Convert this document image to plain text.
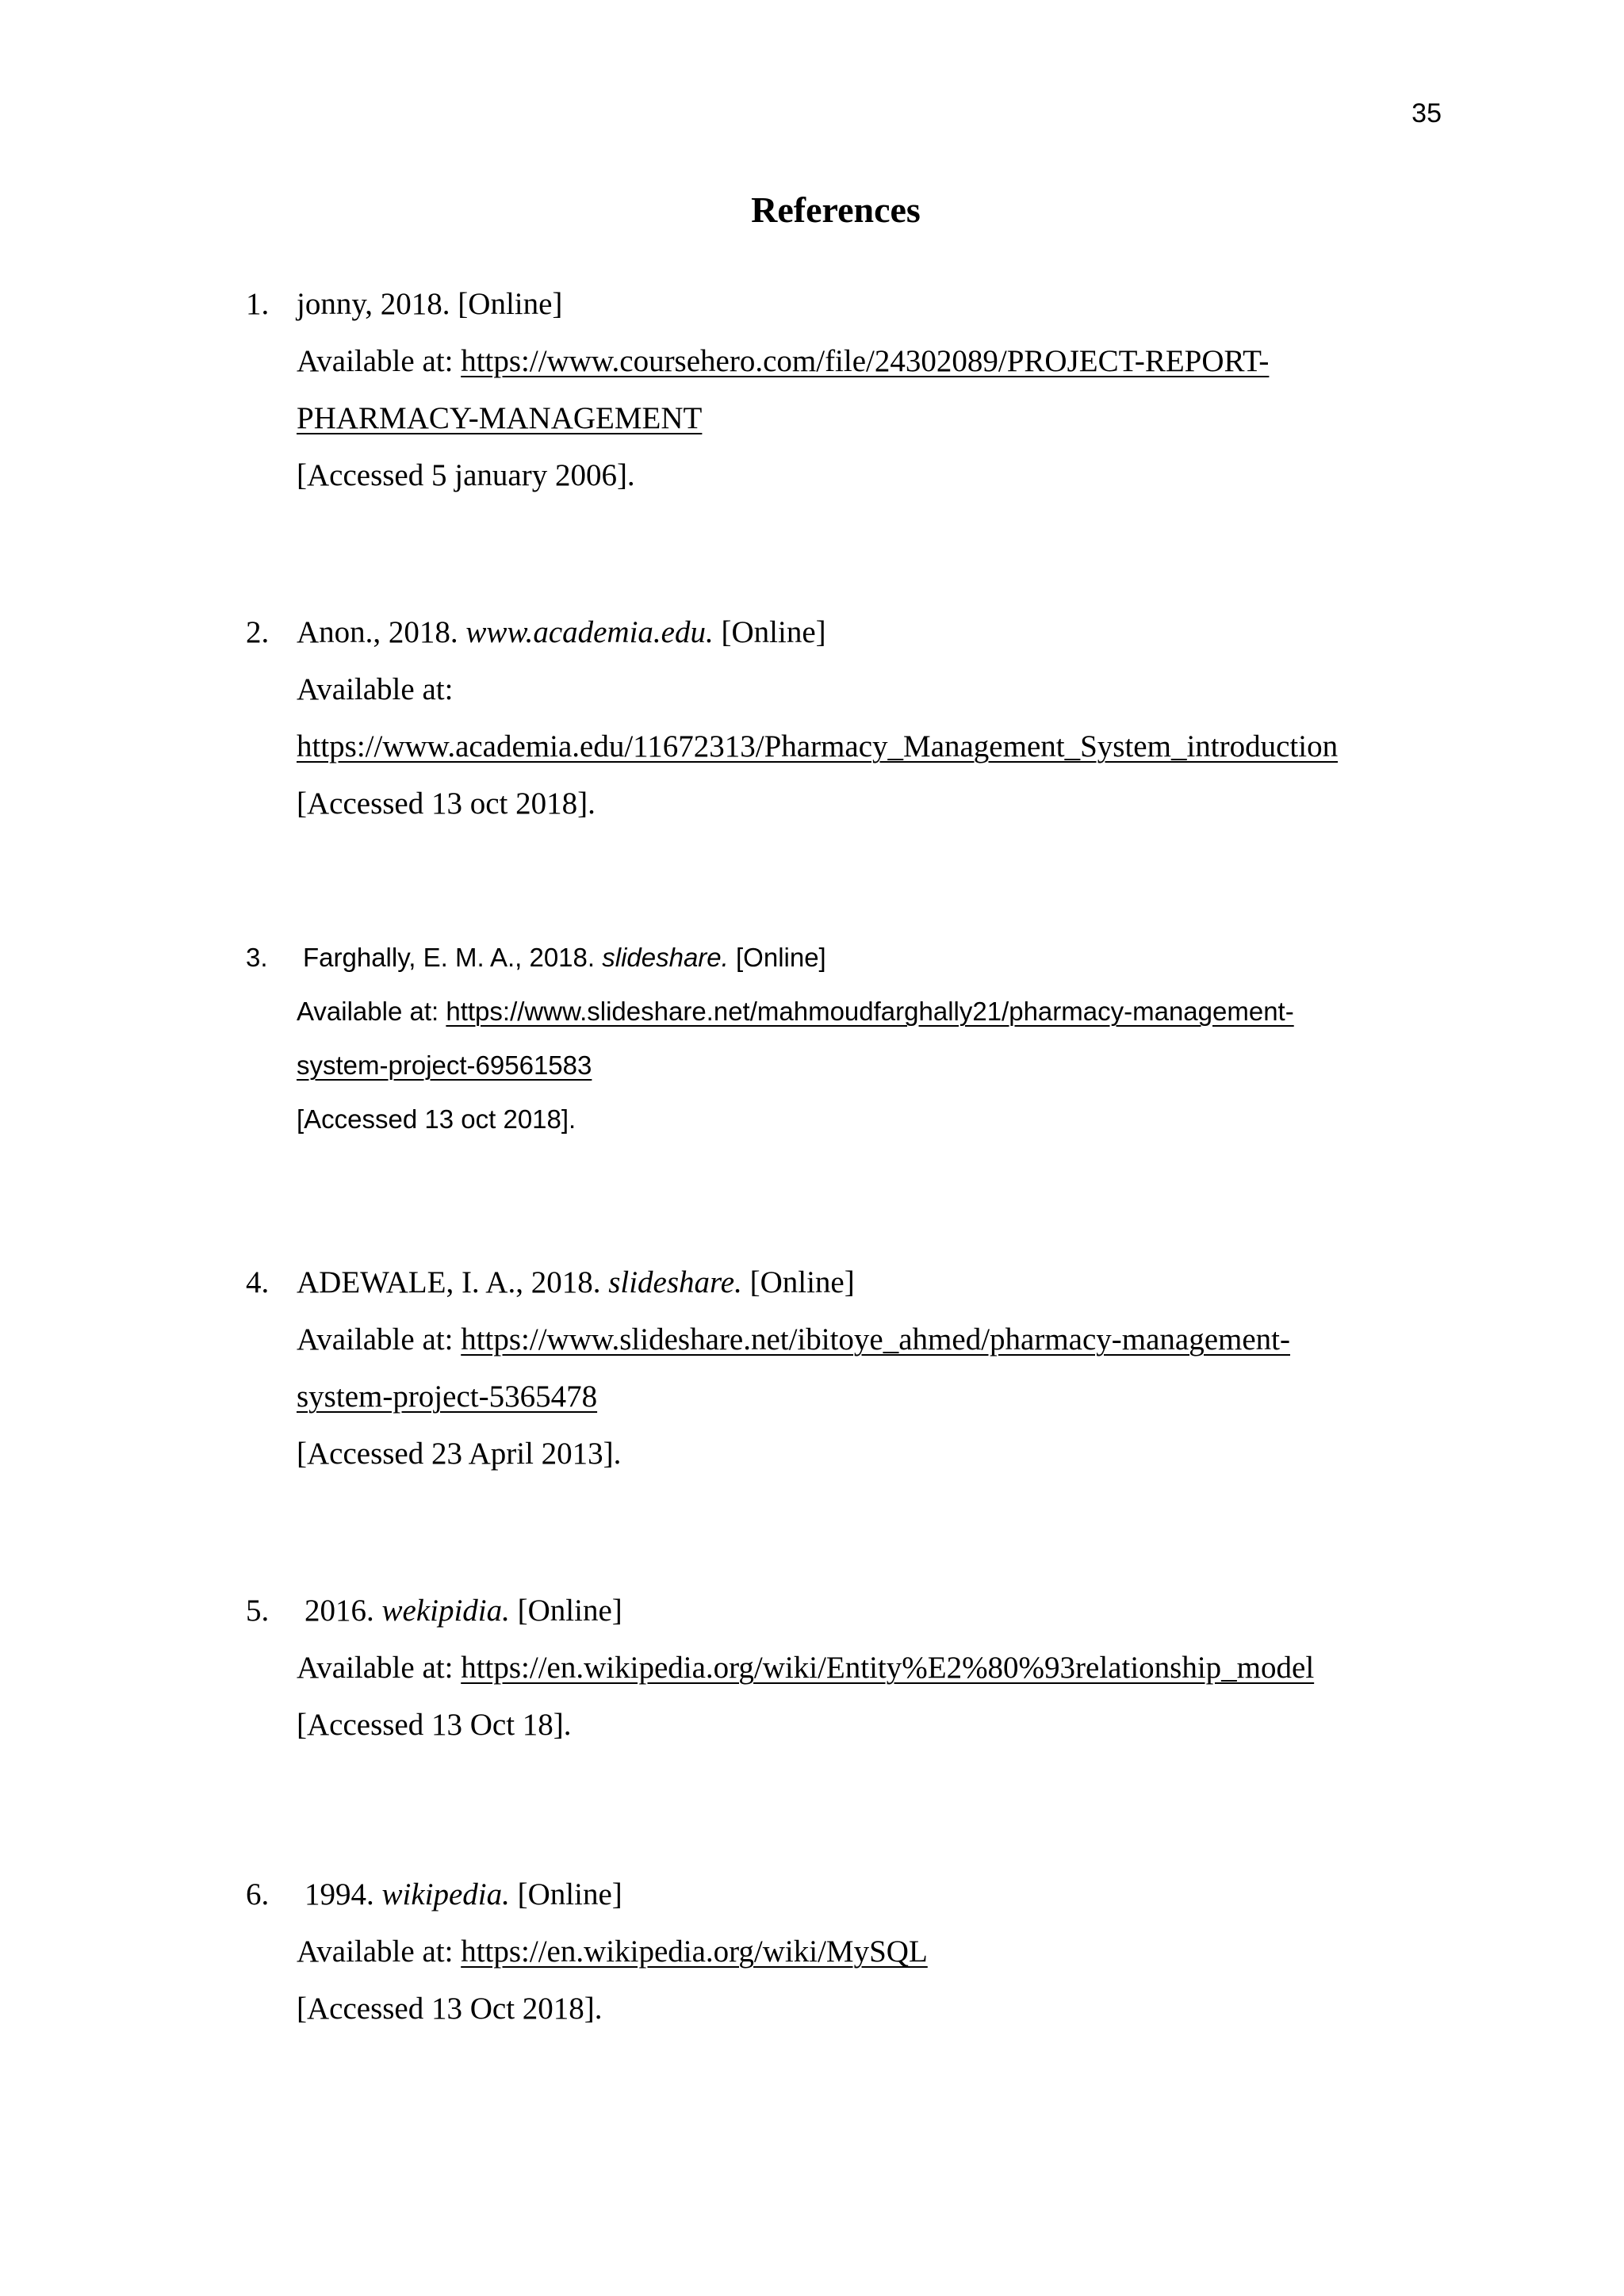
35
References
1. jonny, 2018. [Online]
Available at: https://www.coursehero.com/file/24302089/PROJECT-REPORT-
PHARMACY-MANAGEMENT
[Accessed 5 january 2006].
2. Anon., 2018. www.academia.edu. [Online]
Available at:
https://www.academia.edu/11672313/Pharmacy_Management_System_introduction
[Accessed 13 oct 2018].
3.	Farghally, E. M. A., 2018. slideshare. [Online]
Available at: https://www.slideshare.net/mahmoudfarghally21/pharmacy-management-
system-project-69561583
[Accessed 13 oct 2018].
4. ADEWALE, I. A., 2018. slideshare. [Online]
Available at: https://www.slideshare.net/ibitoye_ahmed/pharmacy-management-
system-project-5365478
[Accessed 23 April 2013].
5.	2016. wekipidia. [Online]
Available at: https://en.wikipedia.org/wiki/Entity%E2%80%93relationship_model
[Accessed 13 Oct 18].
6.	1994. wikipedia. [Online]
Available at: https://en.wikipedia.org/wiki/MySQL
[Accessed 13 Oct 2018].
